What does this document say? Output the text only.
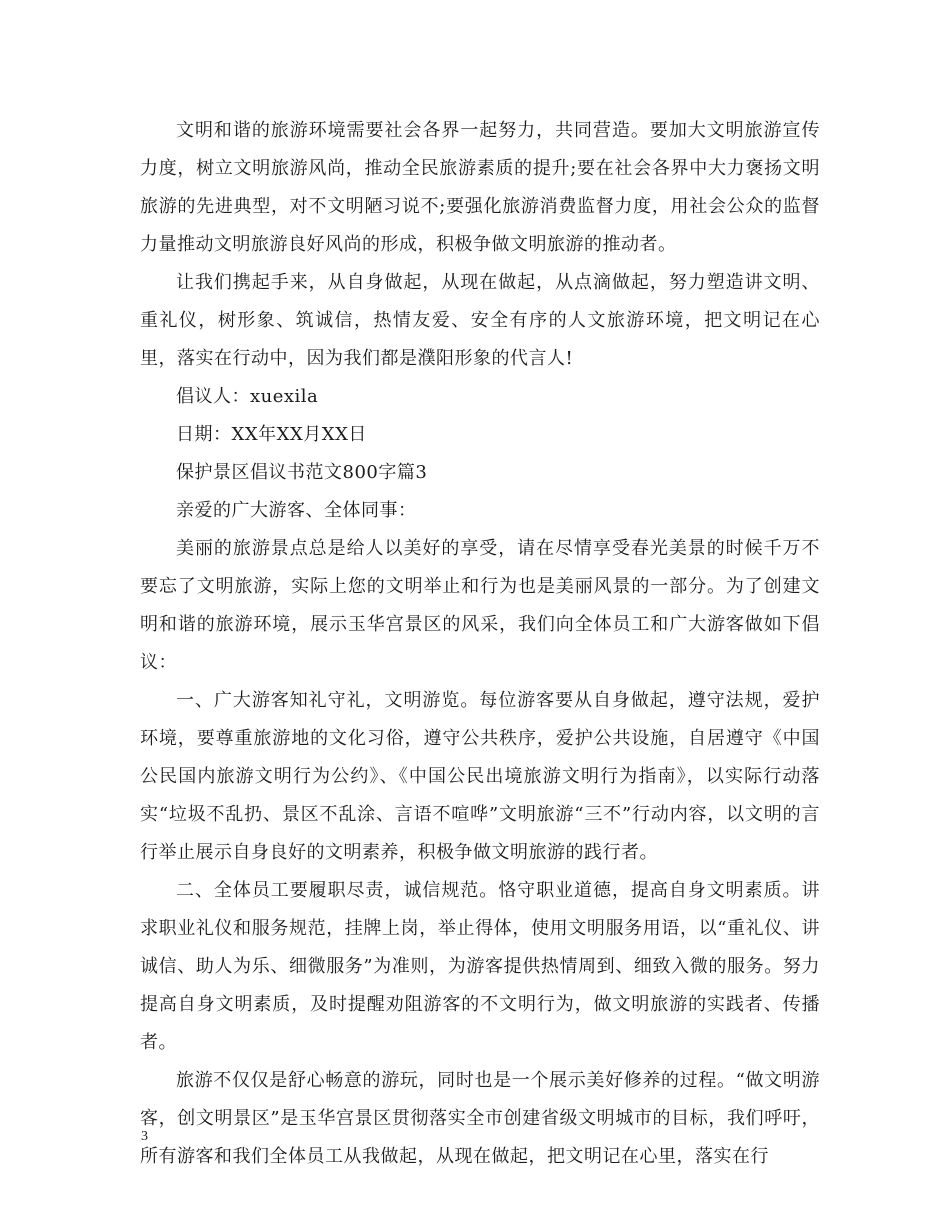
文明和谐的旅游环境需要社会各界一起努力，共同营造。要加大文明旅游宣传力度，树立文明旅游风尚，推动全民旅游素质的提升;要在社会各界中大力褒扬文明旅游的先进典型，对不文明陋习说不;要强化旅游消费监督力度，用社会公众的监督力量推动文明旅游良好风尚的形成，积极争做文明旅游的推动者。

让我们携起手来，从自身做起，从现在做起，从点滴做起，努力塑造讲文明、重礼仪，树形象、筑诚信，热情友爱、安全有序的人文旅游环境，把文明记在心里，落实在行动中，因为我们都是濮阳形象的代言人!

倡议人：xuexila

日期：XX年XX月XX日

保护景区倡议书范文800字篇3

亲爱的广大游客、全体同事：

美丽的旅游景点总是给人以美好的享受，请在尽情享受春光美景的时候千万不要忘了文明旅游，实际上您的文明举止和行为也是美丽风景的一部分。为了创建文明和谐的旅游环境，展示玉华宫景区的风采，我们向全体员工和广大游客做如下倡议：

一、广大游客知礼守礼，文明游览。每位游客要从自身做起，遵守法规，爱护环境，要尊重旅游地的文化习俗，遵守公共秩序，爱护公共设施，自居遵守《中国公民国内旅游文明行为公约》、《中国公民出境旅游文明行为指南》，以实际行动落实“垃圾不乱扔、景区不乱涂、言语不喧哗”文明旅游“三不”行动内容，以文明的言行举止展示自身良好的文明素养，积极争做文明旅游的践行者。

二、全体员工要履职尽责，诚信规范。恪守职业道德，提高自身文明素质。讲求职业礼仪和服务规范，挂牌上岗，举止得体，使用文明服务用语，以“重礼仪、讲诚信、助人为乐、细微服务”为准则，为游客提供热情周到、细致入微的服务。努力提高自身文明素质，及时提醒劝阻游客的不文明行为，做文明旅游的实践者、传播者。

旅游不仅仅是舒心畅意的游玩，同时也是一个展示美好修养的过程。“做文明游客，创文明景区”是玉华宫景区贯彻落实全市创建省级文明城市的目标，我们呼吁，所有游客和我们全体员工从我做起，从现在做起，把文明记在心里，落实在行

3
